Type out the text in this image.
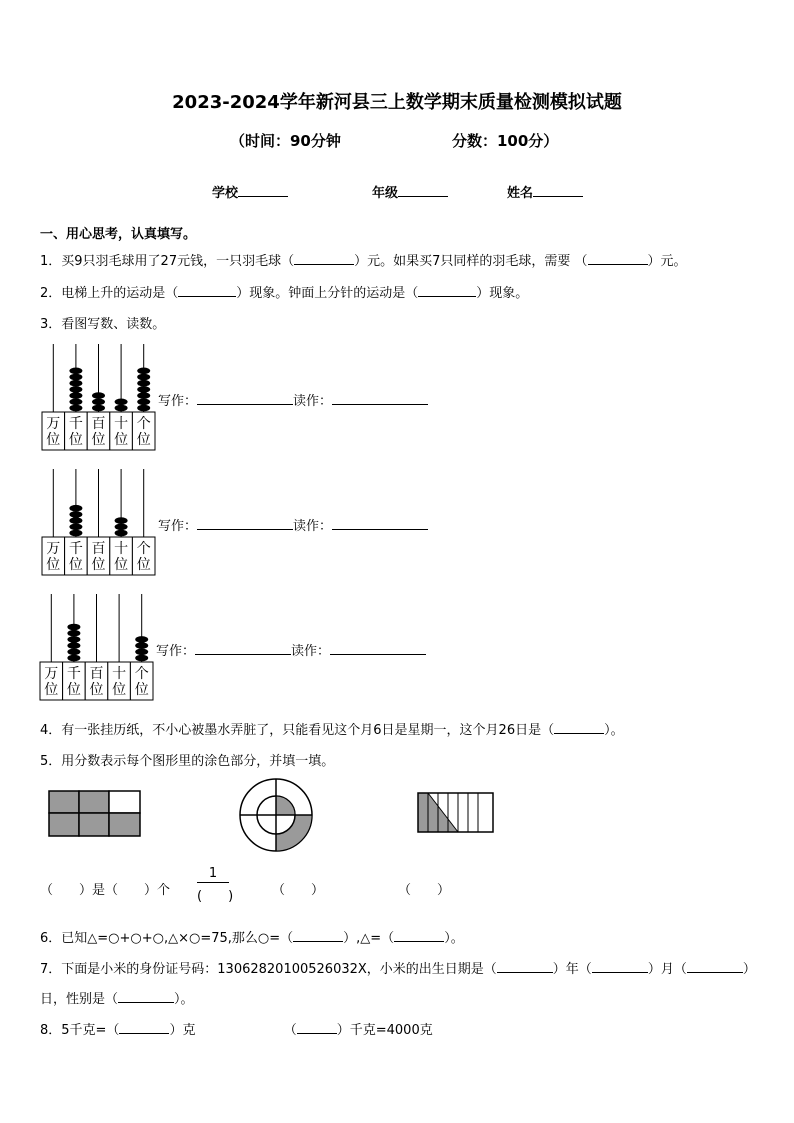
2023-2024学年新河县三上数学期末质量检测模拟试题
（时间：90分钟	分数：100分）
学校	年级	姓名
一、用心思考，认真填写。
1．买9只羽毛球用了27元钱，一只羽毛球（	）元。如果买7只同样的羽毛球，需要 （	）元。
2．电梯上升的运动是（	）现象。钟面上分针的运动是（	）现象。
3．看图写数、读数。
万
位
千
位
百
位
十
位
个
位
写作：	读作：
万
位
千
位
百
位
十
位
个
位
写作：	读作：
万
位
千
位
百
位
十
位
个
位
写作：	读作：
4．有一张挂历纸，不小心被墨水弄脏了，只能看见这个月6日是星期一，这个月26日是（	）。
5．用分数表示每个图形里的涂色部分，并填一填。
（　　）是（　　）个
1
(　　)	（　　）	（　　）
6．已知△=○+○+○,△×○=75,那么○=（	）,△=（	）。
7．下面是小米的身份证号码：13062820100526032X，小米的出生日期是（	）年（	）月（	）
日，性别是（	）。
8．5千克=（	）克	（	）千克=4000克
